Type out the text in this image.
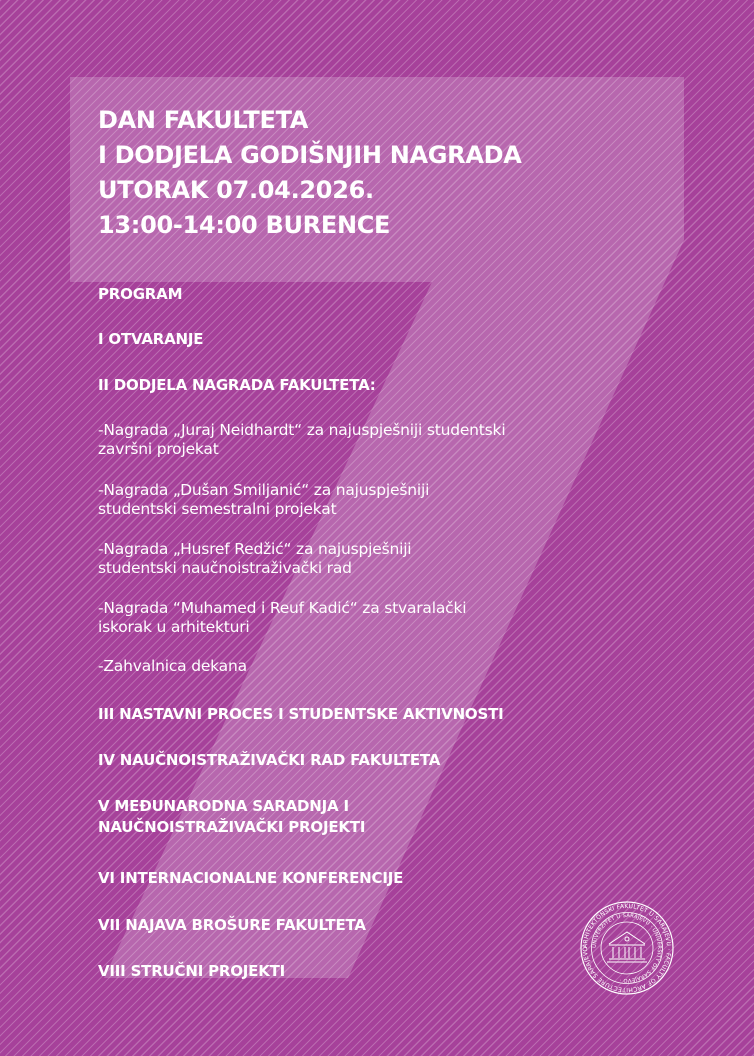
DAN FAKULTETA
I DODJELA GODIŠNJIH NAGRADA
UTORAK 07.04.2026.
13:00-14:00 BURENCE

PROGRAM

I OTVARANJE

II DODJELA NAGRADA FAKULTETA:

-Nagrada „Juraj Neidhardt“ za najuspješniji studentski
završni projekat

-Nagrada „Dušan Smiljanić“ za najuspješniji
studentski semestralni projekat

-Nagrada „Husref Redžić“ za najuspješniji
studentski naučnoistraživački rad

-Nagrada “Muhamed i Reuf Kadić“ za stvaralački
iskorak u arhitekturi

-Zahvalnica dekana

III NASTAVNI PROCES I STUDENTSKE AKTIVNOSTI

IV NAUČNOISTRAŽIVAČKI RAD FAKULTETA

V MEĐUNARODNA SARADNJA I
NAUČNOISTRAŽIVAČKI PROJEKTI

VI INTERNACIONALNE KONFERENCIJE

VII NAJAVA BROŠURE FAKULTETA

VIII STRUČNI PROJEKTI

ARHITEKTONSKI FAKULTET U SARAJEVU · FACULTY OF ARCHITECTURE SARAJEVO
UNIVERZITET U SARAJEVU · UNIVERSITY OF SARAJEVO ·
